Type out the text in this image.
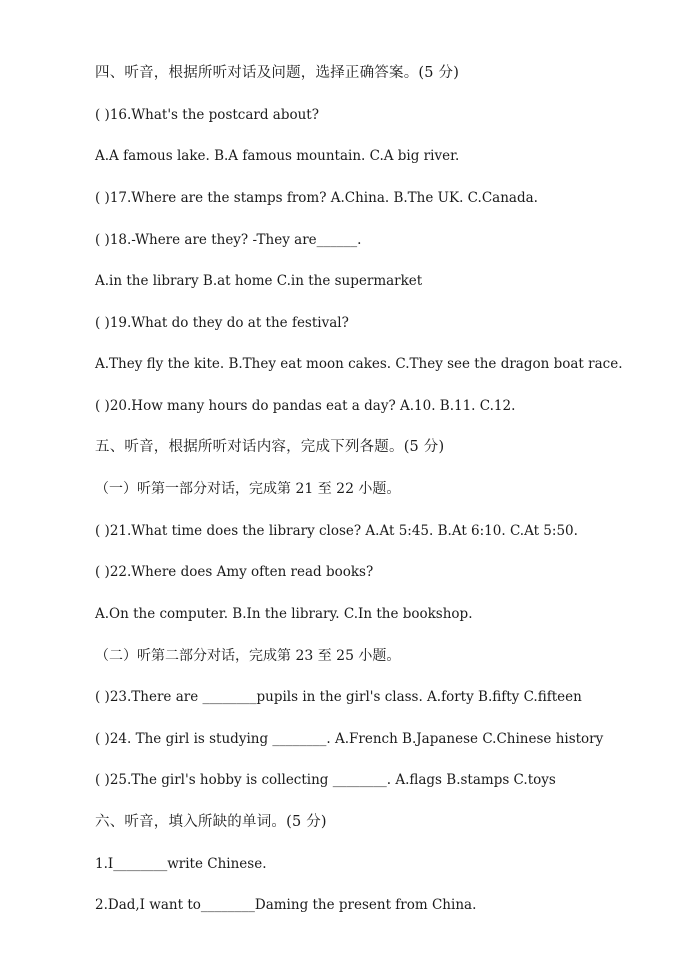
四、听音，根据所听对话及问题，选择正确答案。(5 分)
( )16.What's the postcard about?
A.A famous lake. B.A famous mountain. C.A big river.
( )17.Where are the stamps from? A.China. B.The UK. C.Canada.
( )18.-Where are they? -They are______.
A.in the library B.at home C.in the supermarket
( )19.What do they do at the festival?
A.They fly the kite. B.They eat moon cakes. C.They see the dragon boat race.
( )20.How many hours do pandas eat a day? A.10. B.11. C.12.
五、听音，根据所听对话内容，完成下列各题。(5 分)
（一）听第一部分对话，完成第 21 至 22 小题。
( )21.What time does the library close? A.At 5:45. B.At 6:10. C.At 5:50.
( )22.Where does Amy often read books?
A.On the computer. B.In the library. C.In the bookshop.
（二）听第二部分对话，完成第 23 至 25 小题。
( )23.There are ________pupils in the girl's class. A.forty B.fifty C.fifteen
( )24. The girl is studying ________. A.French B.Japanese C.Chinese history
( )25.The girl's hobby is collecting ________. A.flags B.stamps C.toys
六、听音，填入所缺的单词。(5 分)
1.I________write Chinese.
2.Dad,I want to________Daming the present from China.
